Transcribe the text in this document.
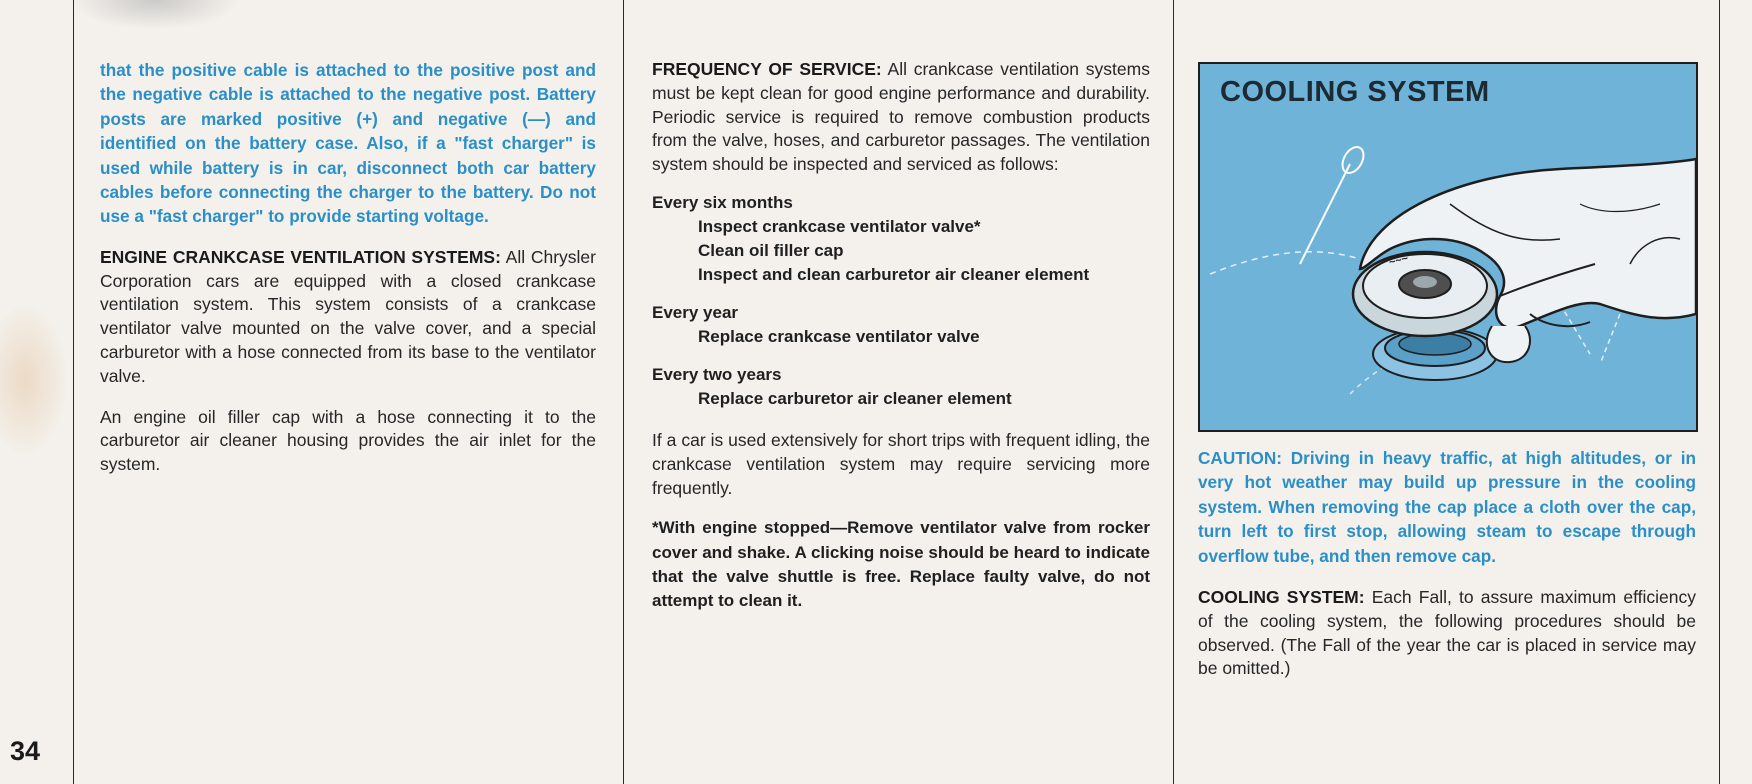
34

that the positive cable is attached to the positive post and the negative cable is attached to the negative post. Battery posts are marked positive (+) and negative (—) and identified on the battery case. Also, if a "fast charger" is used while battery is in car, disconnect both car battery cables before connecting the charger to the battery. Do not use a "fast charger" to provide starting voltage.

ENGINE CRANKCASE VENTILATION SYSTEMS: All Chrysler Corporation cars are equipped with a closed crankcase ventilation system. This system consists of a crankcase ventilator valve mounted on the valve cover, and a special carburetor with a hose connected from its base to the ventilator valve.

An engine oil filler cap with a hose connecting it to the carburetor air cleaner housing provides the air inlet for the system.

FREQUENCY OF SERVICE: All crankcase ventilation systems must be kept clean for good engine performance and durability. Periodic service is required to remove combustion products from the valve, hoses, and carburetor passages. The ventilation system should be inspected and serviced as follows:

Every six months
Inspect crankcase ventilator valve*
Clean oil filler cap
Inspect and clean carburetor air cleaner element
Every year
Replace crankcase ventilator valve
Every two years
Replace carburetor air cleaner element

If a car is used extensively for short trips with frequent idling, the crankcase ventilation system may require servicing more frequently.

*With engine stopped—Remove ventilator valve from rocker cover and shake. A clicking noise should be heard to indicate that the valve shuttle is free. Replace faulty valve, do not attempt to clean it.

~~~
COOLING SYSTEM

CAUTION: Driving in heavy traffic, at high altitudes, or in very hot weather may build up pressure in the cooling system. When removing the cap place a cloth over the cap, turn left to first stop, allowing steam to escape through overflow tube, and then remove cap.

COOLING SYSTEM: Each Fall, to assure maximum efficiency of the cooling system, the following procedures should be observed. (The Fall of the year the car is placed in service may be omitted.)
